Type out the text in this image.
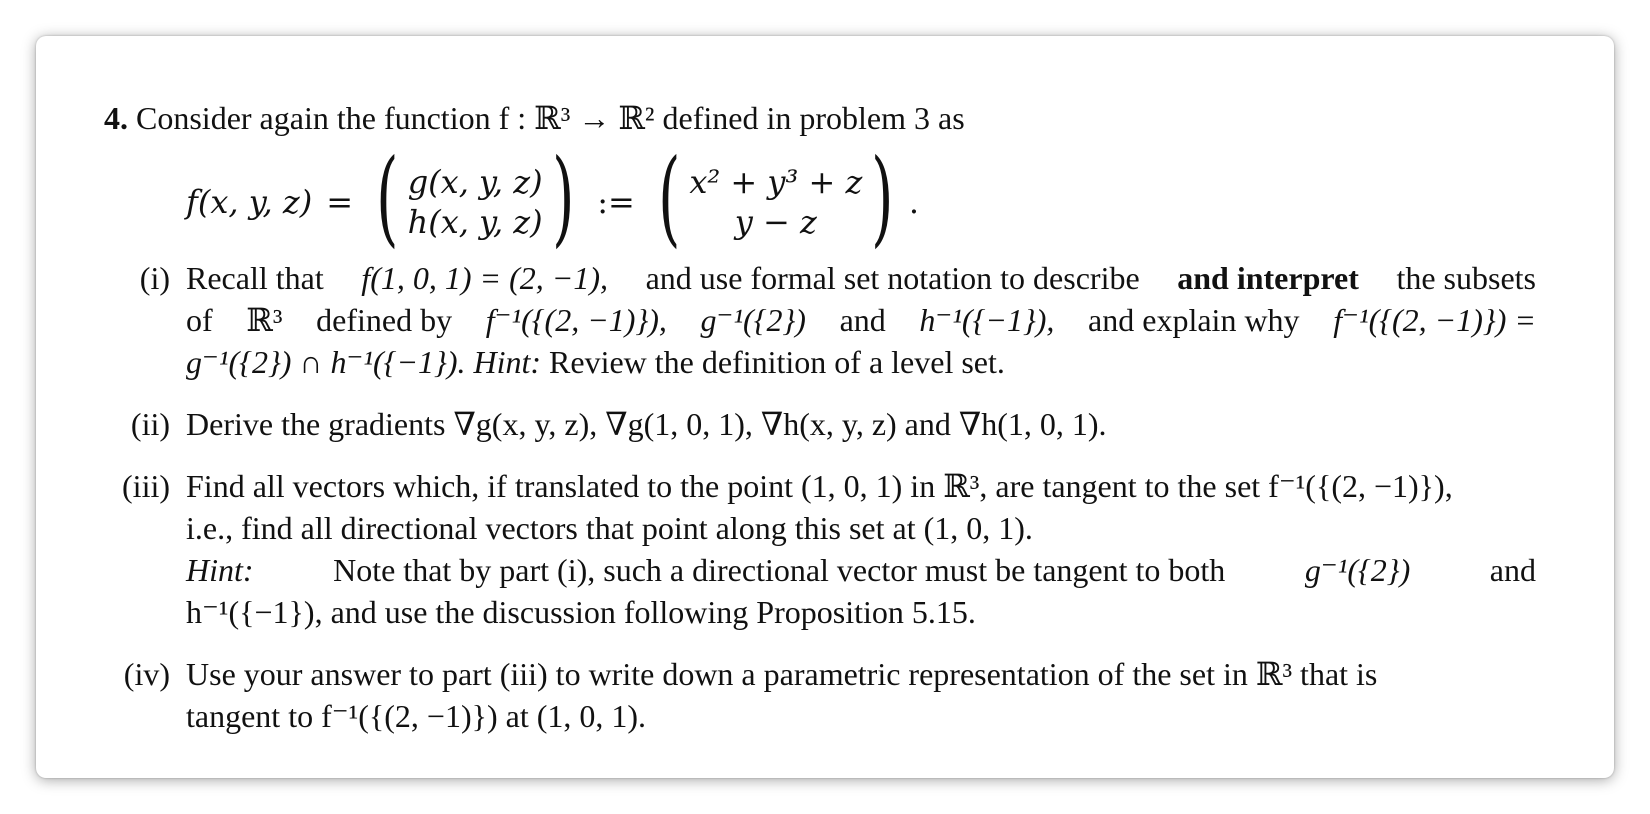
4. Consider again the function f : ℝ³ → ℝ² defined in problem 3 as
f(x, y, z) = ( g(x, y, z)
h(x, y, z) ) := ( x² + y³ + z
y − z ) .
(i) Recall that f(1, 0, 1) = (2, −1), and use formal set notation to describe and interpret the subsets
of ℝ³ defined by f⁻¹({(2, −1)}), g⁻¹({2}) and h⁻¹({−1}), and explain why f⁻¹({(2, −1)}) =
g⁻¹({2}) ∩ h⁻¹({−1}). Hint: Review the definition of a level set.
(ii) Derive the gradients ∇g(x, y, z), ∇g(1, 0, 1), ∇h(x, y, z) and ∇h(1, 0, 1).
(iii) Find all vectors which, if translated to the point (1, 0, 1) in ℝ³, are tangent to the set f⁻¹({(2, −1)}),
i.e., find all directional vectors that point along this set at (1, 0, 1).
Hint: Note that by part (i), such a directional vector must be tangent to both g⁻¹({2}) and
h⁻¹({−1}), and use the discussion following Proposition 5.15.
(iv) Use your answer to part (iii) to write down a parametric representation of the set in ℝ³ that is
tangent to f⁻¹({(2, −1)}) at (1, 0, 1).
